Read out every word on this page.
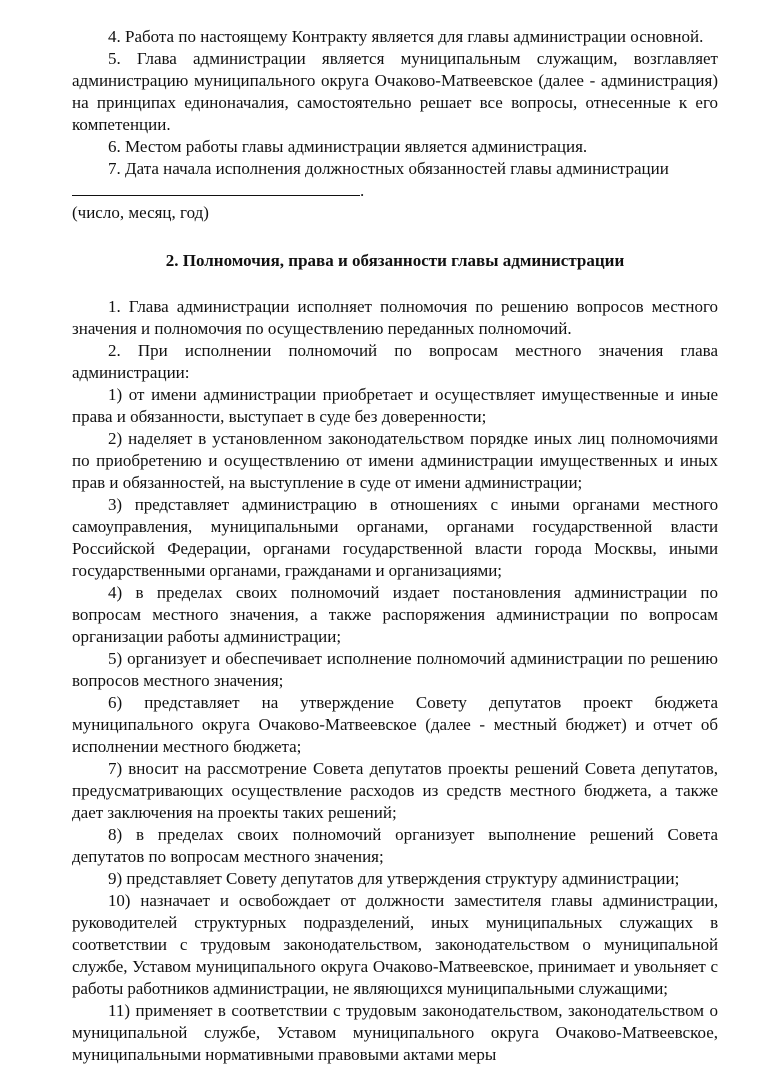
4. Работа по настоящему Контракту является для главы администрации основной.

5. Глава администрации является муниципальным служащим, возглавляет администрацию муниципального округа Очаково-Матвеевское (далее - администрация) на принципах единоначалия, самостоятельно решает все вопросы, отнесенные к его компетенции.

6. Местом работы главы администрации является администрация.

7. Дата начала исполнения должностных обязанностей главы администрации

.

(число, месяц, год)

2. Полномочия, права и обязанности главы администрации

1. Глава администрации исполняет полномочия по решению вопросов местного значения и полномочия по осуществлению переданных полномочий.

2. При исполнении полномочий по вопросам местного значения глава администрации:

1) от имени администрации приобретает и осуществляет имущественные и иные права и обязанности, выступает в суде без доверенности;

2) наделяет в установленном законодательством порядке иных лиц полномочиями по приобретению и осуществлению от имени администрации имущественных и иных прав и обязанностей, на выступление в суде от имени администрации;

3) представляет администрацию в отношениях с иными органами местного самоуправления, муниципальными органами, органами государственной власти Российской Федерации, органами государственной власти города Москвы, иными государственными органами, гражданами и организациями;

4) в пределах своих полномочий издает постановления администрации по вопросам местного значения, а также распоряжения администрации по вопросам организации работы администрации;

5) организует и обеспечивает исполнение полномочий администрации по решению вопросов местного значения;

6) представляет на утверждение Совету депутатов проект бюджета муниципального округа Очаково-Матвеевское (далее - местный бюджет) и отчет об исполнении местного бюджета;

7) вносит на рассмотрение Совета депутатов проекты решений Совета депутатов, предусматривающих осуществление расходов из средств местного бюджета, а также дает заключения на проекты таких решений;

8) в пределах своих полномочий организует выполнение решений Совета депутатов по вопросам местного значения;

9) представляет Совету депутатов для утверждения структуру администрации;

10) назначает и освобождает от должности заместителя главы администрации, руководителей структурных подразделений, иных муниципальных служащих в соответствии с трудовым законодательством, законодательством о муниципальной службе, Уставом муниципального округа Очаково-Матвеевское, принимает и увольняет с работы работников администрации, не являющихся муниципальными служащими;

11) применяет в соответствии с трудовым законодательством, законодательством о муниципальной службе, Уставом муниципального округа Очаково-Матвеевское, муниципальными нормативными правовыми актами меры
